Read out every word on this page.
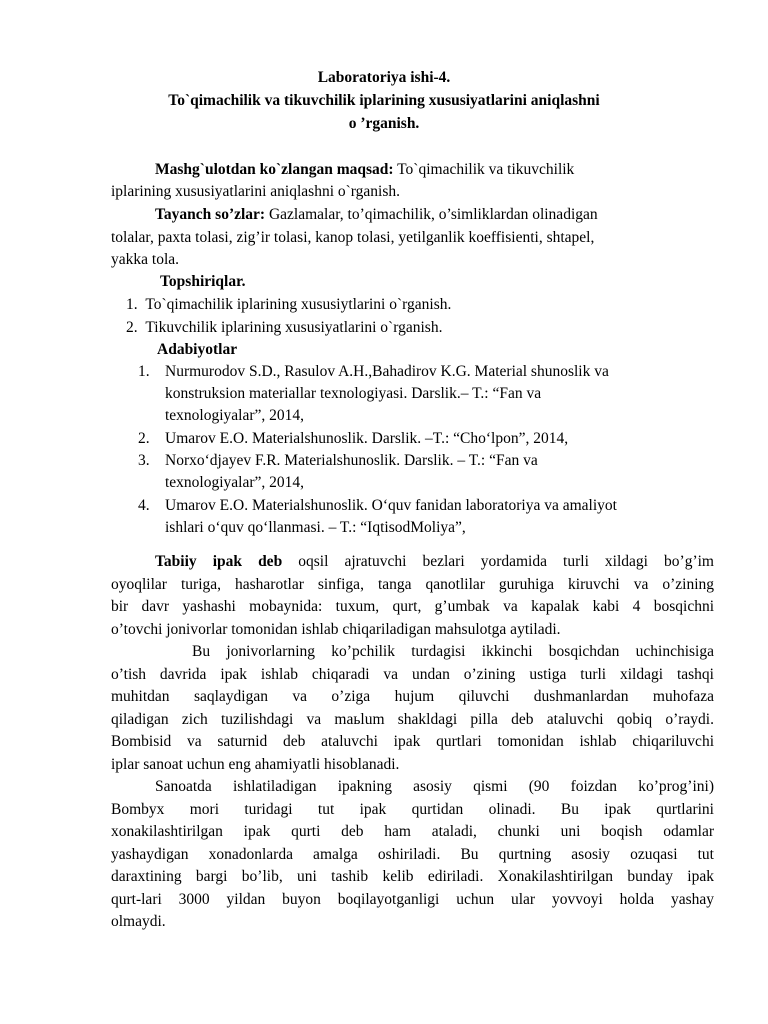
Laboratoriya ishi-4.
To`qimachilik va tikuvchilik iplarining xususiyatlarini aniqlashni
o ’rganish.
Mashg`ulotdan ko`zlangan maqsad: To`qimachilik va tikuvchilik
iplarining xususiyatlarini aniqlashni o`rganish.
Tayanch so’zlar: Gazlamalar, to’qimachilik, o’simliklardan olinadigan
tolalar, paxta tolasi, zig’ir tolasi, kanop tolasi, yetilganlik koeffisienti, shtapel,
yakka tola.
Topshiriqlar.
1. To`qimachilik iplarining xususiytlarini o`rganish.
2. Tikuvchilik iplarining xususiyatlarini o`rganish.
Adabiyotlar
1. Nurmurodov S.D., Rasulov A.H.,Bahadirov K.G. Material shunoslik va
konstruksion materiallar texnologiyasi. Darslik.– T.: “Fan va
texnologiyalar”, 2014,
2. Umarov E.O. Materialshunoslik. Darslik. –T.: “Cho‘lpon”, 2014,
3. Norxo‘djayev F.R. Materialshunoslik. Darslik. – T.: “Fan va
texnologiyalar”, 2014,
4. Umarov E.O. Materialshunoslik. O‘quv fanidan laboratoriya va amaliyot
ishlari o‘quv qo‘llanmasi. – T.: “IqtisodMoliya”,
Tabiiy ipak deb oqsil ajratuvchi bezlari yordamida turli xildagi bo’g’im
oyoqlilar turiga, hasharotlar sinfiga, tanga qanotlilar guruhiga kiruvchi va o’zining
bir davr yashashi mobaynida: tuxum, qurt, g’umbak va kapalak kabi 4 bosqichni
o’tovchi jonivorlar tomonidan ishlab chiqariladigan mahsulotga aytiladi.
Bu jonivorlarning ko’pchilik turdagisi ikkinchi bosqichdan uchinchisiga
o’tish davrida ipak ishlab chiqaradi va undan o’zining ustiga turli xildagi tashqi
muhitdan saqlaydigan va o’ziga hujum qiluvchi dushmanlardan muhofaza
qiladigan zich tuzilishdagi va maьlum shakldagi pilla deb ataluvchi qobiq o’raydi.
Bombisid va saturnid deb ataluvchi ipak qurtlari tomonidan ishlab chiqariluvchi
iplar sanoat uchun eng ahamiyatli hisoblanadi.
Sanoatda ishlatiladigan ipakning asosiy qismi (90 foizdan ko’prog’ini)
Bombyx mori turidagi tut ipak qurtidan olinadi. Bu ipak qurtlarini
xonakilashtirilgan ipak qurti deb ham ataladi, chunki uni boqish odamlar
yashaydigan xonadonlarda amalga oshiriladi. Bu qurtning asosiy ozuqasi tut
daraxtining bargi bo’lib, uni tashib kelib ediriladi. Xonakilashtirilgan bunday ipak
qurt-lari 3000 yildan buyon boqilayotganligi uchun ular yovvoyi holda yashay
olmaydi.
